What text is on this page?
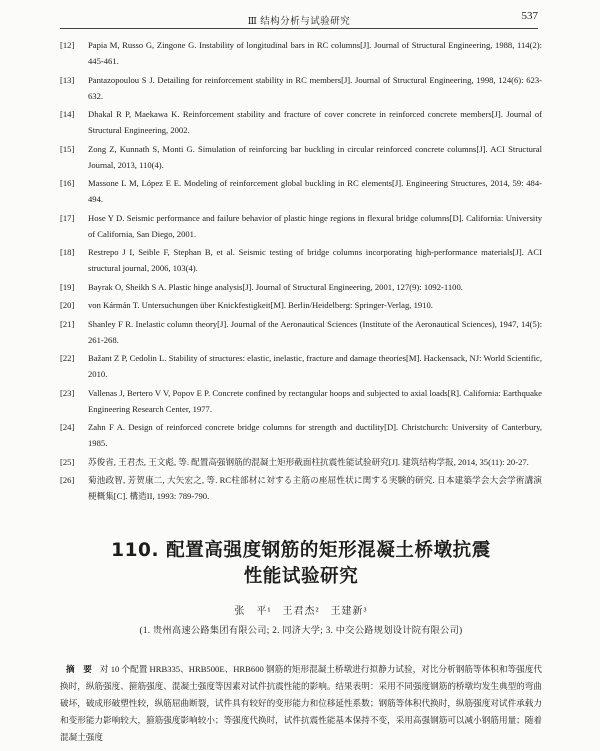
Ⅲ 结构分析与试验研究	537
[12] Papia M, Russo G, Zingone G. Instability of longitudinal bars in RC columns[J]. Journal of Structural Engineering, 1988, 114(2): 445-461.
[13] Pantazopoulou S J. Detailing for reinforcement stability in RC members[J]. Journal of Structural Engineering, 1998, 124(6): 623-632.
[14] Dhakal R P, Maekawa K. Reinforcement stability and fracture of cover concrete in reinforced concrete members[J]. Journal of Structural Engineering, 2002.
[15] Zong Z, Kunnath S, Monti G. Simulation of reinforcing bar buckling in circular reinforced concrete columns[J]. ACI Structural Journal, 2013, 110(4).
[16] Massone L M, López E E. Modeling of reinforcement global buckling in RC elements[J]. Engineering Structures, 2014, 59: 484-494.
[17] Hose Y D. Seismic performance and failure behavior of plastic hinge regions in flexural bridge columns[D]. California: University of California, San Diego, 2001.
[18] Restrepo J I, Seible F, Stephan B, et al. Seismic testing of bridge columns incorporating high-performance materials[J]. ACI structural journal, 2006, 103(4).
[19] Bayrak O, Sheikh S A. Plastic hinge analysis[J]. Journal of Structural Engineering, 2001, 127(9): 1092-1100.
[20] von Kármán T. Untersuchungen über Knickfestigkeit[M]. Berlin/Heidelberg: Springer-Verlag, 1910.
[21] Shanley F R. Inelastic column theory[J]. Journal of the Aeronautical Sciences (Institute of the Aeronautical Sciences), 1947, 14(5): 261-268.
[22] Bažant Z P, Cedolin L. Stability of structures: elastic, inelastic, fracture and damage theories[M]. Hackensack, NJ: World Scientific, 2010.
[23] Vallenas J, Bertero V V, Popov E P. Concrete confined by rectangular hoops and subjected to axial loads[R]. California: Earthquake Engineering Research Center, 1977.
[24] Zahn F A. Design of reinforced concrete bridge columns for strength and ductility[D]. Christchurch: University of Canterbury, 1985.
[25] 苏俊省, 王君杰, 王文彪, 等. 配置高强钢筋的混凝土矩形截面柱抗震性能试验研究[J]. 建筑结构学报, 2014, 35(11): 20-27.
[26] 菊池政智, 芳贺康二, 大矢宏之, 等. RC柱部材に対する主筋の座屈性状に関する実験的研究. 日本建築学会大会学術講演梗概集[C]. 構造II, 1993: 789-790.
110. 配置高强度钢筋的矩形混凝土桥墩抗震
性能试验研究
张　平¹　王君杰²　王建新³
(1. 贵州高速公路集团有限公司; 2. 同济大学; 3. 中交公路规划设计院有限公司)

摘　要 对 10 个配置 HRB335、HRB500E、HRB600 钢筋的矩形混凝土桥墩进行拟静力试验，对比分析钢筋等体积和等强度代换时，纵筋强度、箍筋强度、混凝土强度等因素对试件抗震性能的影响。结果表明：采用不同强度钢筋的桥墩均发生典型的弯曲破坏，破成形破塑性较，纵筋屈曲断裂，试件具有较好的变形能力和位移延性系数；钢筋等体积代换时，纵筋强度对试件承载力和变形能力影响较大，箍筋强度影响较小；等强度代换时，试件抗震性能基本保持不变，采用高强钢筋可以减小钢筋用量；随着混凝土强度
